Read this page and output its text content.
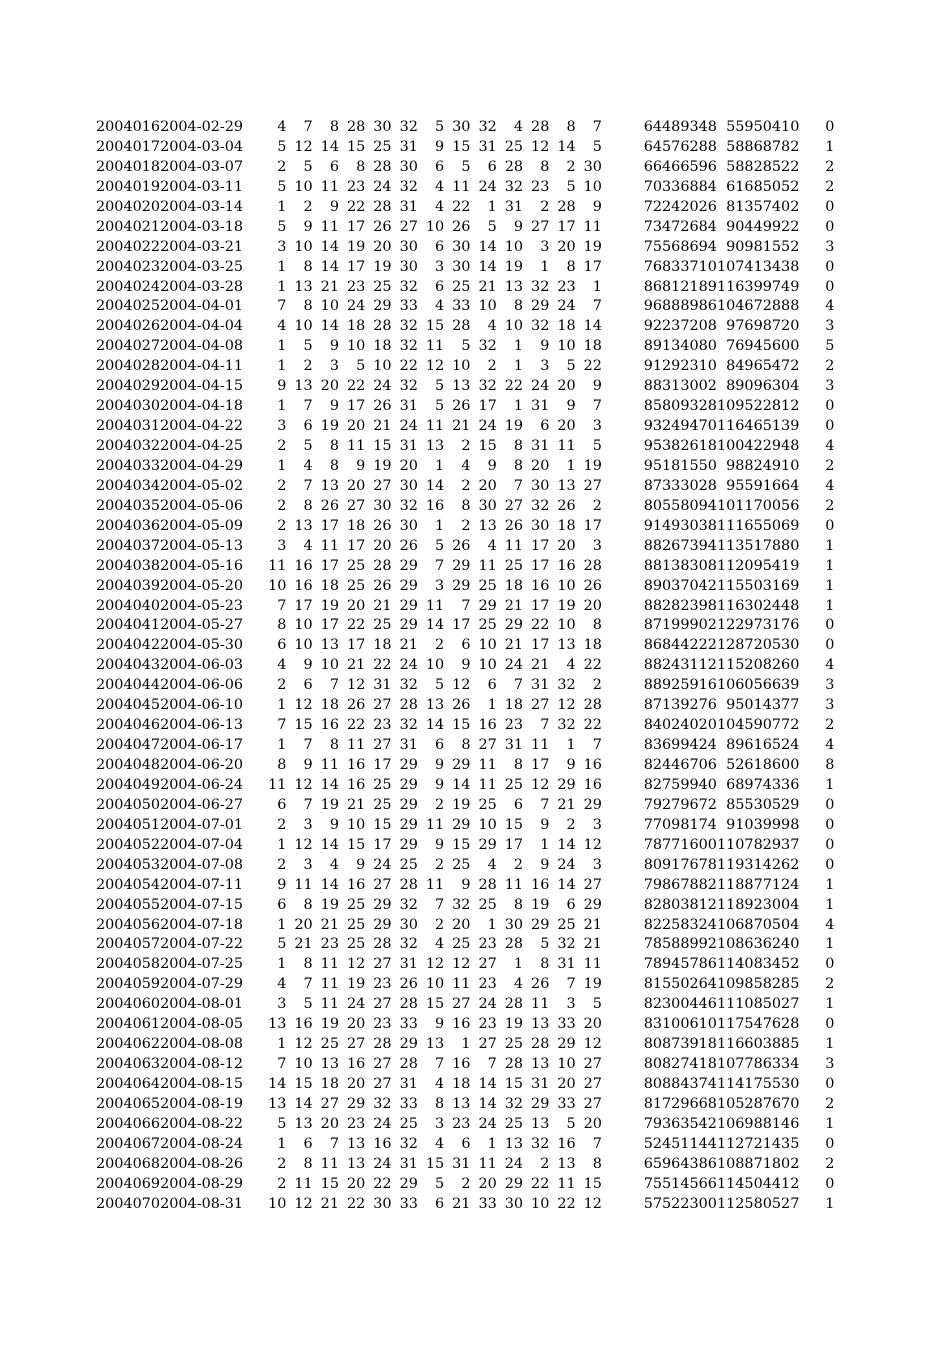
2004016	2004-02-29	4	7	8	28	30	32	5	30	32	4	28	8	7	64489348	55950410	0
2004017	2004-03-04	5	12	14	15	25	31	9	15	31	25	12	14	5	64576288	58868782	1
2004018	2004-03-07	2	5	6	8	28	30	6	5	6	28	8	2	30	66466596	58828522	2
2004019	2004-03-11	5	10	11	23	24	32	4	11	24	32	23	5	10	70336884	61685052	2
2004020	2004-03-14	1	2	9	22	28	31	4	22	1	31	2	28	9	72242026	81357402	0
2004021	2004-03-18	5	9	11	17	26	27	10	26	5	9	27	17	11	73472684	90449922	0
2004022	2004-03-21	3	10	14	19	20	30	6	30	14	10	3	20	19	75568694	90981552	3
2004023	2004-03-25	1	8	14	17	19	30	3	30	14	19	1	8	17	76833710	107413438	0
2004024	2004-03-28	1	13	21	23	25	32	6	25	21	13	32	23	1	86812189	116399749	0
2004025	2004-04-01	7	8	10	24	29	33	4	33	10	8	29	24	7	96888986	104672888	4
2004026	2004-04-04	4	10	14	18	28	32	15	28	4	10	32	18	14	92237208	97698720	3
2004027	2004-04-08	1	5	9	10	18	32	11	5	32	1	9	10	18	89134080	76945600	5
2004028	2004-04-11	1	2	3	5	10	22	12	10	2	1	3	5	22	91292310	84965472	2
2004029	2004-04-15	9	13	20	22	24	32	5	13	32	22	24	20	9	88313002	89096304	3
2004030	2004-04-18	1	7	9	17	26	31	5	26	17	1	31	9	7	85809328	109522812	0
2004031	2004-04-22	3	6	19	20	21	24	11	21	24	19	6	20	3	93249470	116465139	0
2004032	2004-04-25	2	5	8	11	15	31	13	2	15	8	31	11	5	95382618	100422948	4
2004033	2004-04-29	1	4	8	9	19	20	1	4	9	8	20	1	19	95181550	98824910	2
2004034	2004-05-02	2	7	13	20	27	30	14	2	20	7	30	13	27	87333028	95591664	4
2004035	2004-05-06	2	8	26	27	30	32	16	8	30	27	32	26	2	80558094	101170056	2
2004036	2004-05-09	2	13	17	18	26	30	1	2	13	26	30	18	17	91493038	111655069	0
2004037	2004-05-13	3	4	11	17	20	26	5	26	4	11	17	20	3	88267394	113517880	1
2004038	2004-05-16	11	16	17	25	28	29	7	29	11	25	17	16	28	88138308	112095419	1
2004039	2004-05-20	10	16	18	25	26	29	3	29	25	18	16	10	26	89037042	115503169	1
2004040	2004-05-23	7	17	19	20	21	29	11	7	29	21	17	19	20	88282398	116302448	1
2004041	2004-05-27	8	10	17	22	25	29	14	17	25	29	22	10	8	87199902	122973176	0
2004042	2004-05-30	6	10	13	17	18	21	2	6	10	21	17	13	18	86844222	128720530	0
2004043	2004-06-03	4	9	10	21	22	24	10	9	10	24	21	4	22	88243112	115208260	4
2004044	2004-06-06	2	6	7	12	31	32	5	12	6	7	31	32	2	88925916	106056639	3
2004045	2004-06-10	1	12	18	26	27	28	13	26	1	18	27	12	28	87139276	95014377	3
2004046	2004-06-13	7	15	16	22	23	32	14	15	16	23	7	32	22	84024020	104590772	2
2004047	2004-06-17	1	7	8	11	27	31	6	8	27	31	11	1	7	83699424	89616524	4
2004048	2004-06-20	8	9	11	16	17	29	9	29	11	8	17	9	16	82446706	52618600	8
2004049	2004-06-24	11	12	14	16	25	29	9	14	11	25	12	29	16	82759940	68974336	1
2004050	2004-06-27	6	7	19	21	25	29	2	19	25	6	7	21	29	79279672	85530529	0
2004051	2004-07-01	2	3	9	10	15	29	11	29	10	15	9	2	3	77098174	91039998	0
2004052	2004-07-04	1	12	14	15	17	29	9	15	29	17	1	14	12	78771600	110782937	0
2004053	2004-07-08	2	3	4	9	24	25	2	25	4	2	9	24	3	80917678	119314262	0
2004054	2004-07-11	9	11	14	16	27	28	11	9	28	11	16	14	27	79867882	118877124	1
2004055	2004-07-15	6	8	19	25	29	32	7	32	25	8	19	6	29	82803812	118923004	1
2004056	2004-07-18	1	20	21	25	29	30	2	20	1	30	29	25	21	82258324	106870504	4
2004057	2004-07-22	5	21	23	25	28	32	4	25	23	28	5	32	21	78588992	108636240	1
2004058	2004-07-25	1	8	11	12	27	31	12	12	27	1	8	31	11	78945786	114083452	0
2004059	2004-07-29	4	7	11	19	23	26	10	11	23	4	26	7	19	81550264	109858285	2
2004060	2004-08-01	3	5	11	24	27	28	15	27	24	28	11	3	5	82300446	111085027	1
2004061	2004-08-05	13	16	19	20	23	33	9	16	23	19	13	33	20	83100610	117547628	0
2004062	2004-08-08	1	12	25	27	28	29	13	1	27	25	28	29	12	80873918	116603885	1
2004063	2004-08-12	7	10	13	16	27	28	7	16	7	28	13	10	27	80827418	107786334	3
2004064	2004-08-15	14	15	18	20	27	31	4	18	14	15	31	20	27	80884374	114175530	0
2004065	2004-08-19	13	14	27	29	32	33	8	13	14	32	29	33	27	81729668	105287670	2
2004066	2004-08-22	5	13	20	23	24	25	3	23	24	25	13	5	20	79363542	106988146	1
2004067	2004-08-24	1	6	7	13	16	32	4	6	1	13	32	16	7	52451144	112721435	0
2004068	2004-08-26	2	8	11	13	24	31	15	31	11	24	2	13	8	65964386	108871802	2
2004069	2004-08-29	2	11	15	20	22	29	5	2	20	29	22	11	15	75514566	114504412	0
2004070	2004-08-31	10	12	21	22	30	33	6	21	33	30	10	22	12	57522300	112580527	1
